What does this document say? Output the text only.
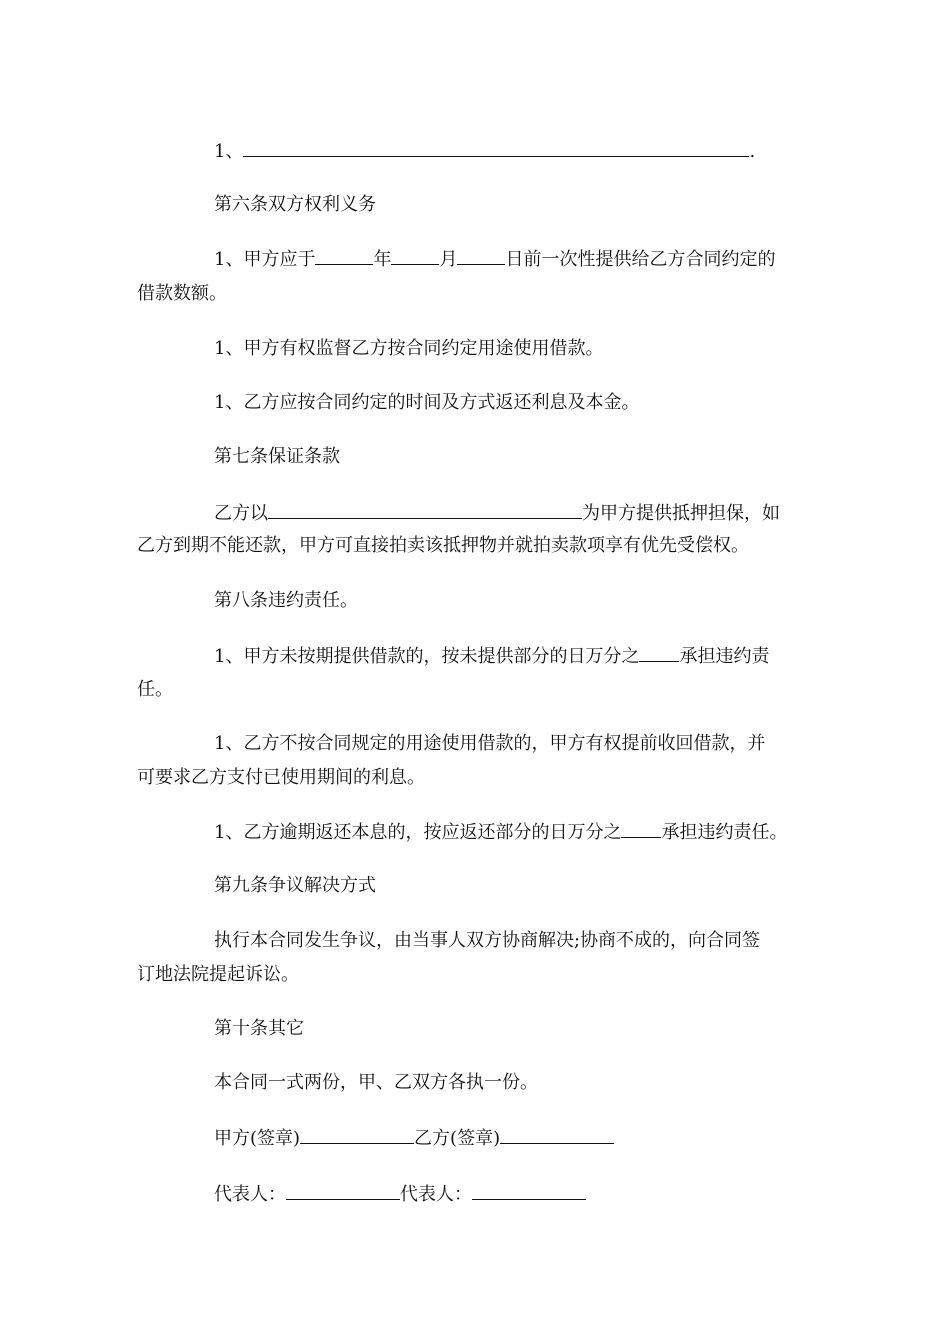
1、	.

第六条双方权利义务

1、甲方应于	年	月	日前一次性提供给乙方合同约定的

借款数额。

1、甲方有权监督乙方按合同约定用途使用借款。

1、乙方应按合同约定的时间及方式返还利息及本金。

第七条保证条款

乙方以	为甲方提供抵押担保，如

乙方到期不能还款，甲方可直接拍卖该抵押物并就拍卖款项享有优先受偿权。

第八条违约责任。

1、甲方未按期提供借款的，按未提供部分的日万分之 承担违约责

任。

1、乙方不按合同规定的用途使用借款的，甲方有权提前收回借款，并

可要求乙方支付已使用期间的利息。

1、乙方逾期返还本息的，按应返还部分的日万分之 承担违约责任。

第九条争议解决方式

执行本合同发生争议，由当事人双方协商解决;协商不成的，向合同签

订地法院提起诉讼。

第十条其它

本合同一式两份，甲、乙双方各执一份。

甲方(签章)	乙方(签章)

代表人：	代表人：
